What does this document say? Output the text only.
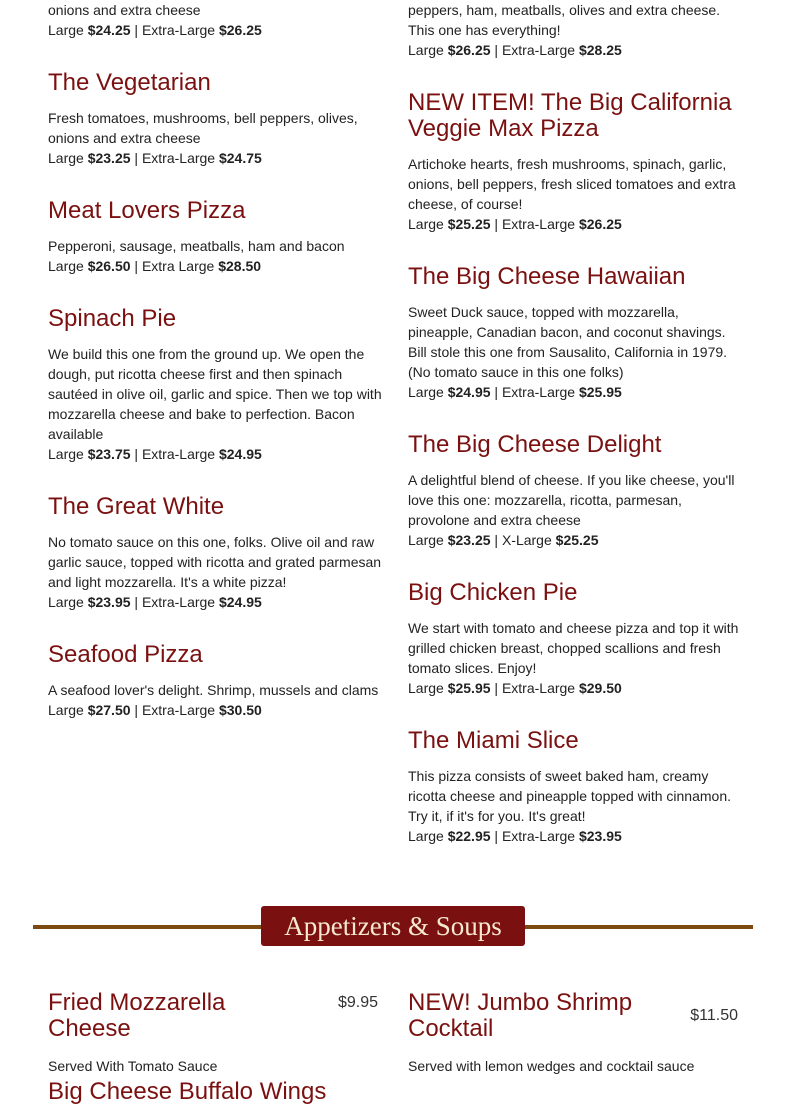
onions and extra cheese

Large $24.25 | Extra-Large $26.25

The Vegetarian

Fresh tomatoes, mushrooms, bell peppers, olives, onions and extra cheese

Large $23.25 | Extra-Large $24.75

Meat Lovers Pizza

Pepperoni, sausage, meatballs, ham and bacon

Large $26.50 | Extra Large $28.50

Spinach Pie

We build this one from the ground up. We open the dough, put ricotta cheese first and then spinach sautéed in olive oil, garlic and spice. Then we top with mozzarella cheese and bake to perfection. Bacon available

Large $23.75 | Extra-Large $24.95

The Great White

No tomato sauce on this one, folks. Olive oil and raw garlic sauce, topped with ricotta and grated parmesan and light mozzarella. It's a white pizza!

Large $23.95 | Extra-Large $24.95

Seafood Pizza

A seafood lover's delight. Shrimp, mussels and clams

Large $27.50 | Extra-Large $30.50

peppers, ham, meatballs, olives and extra cheese. This one has everything!

Large $26.25 | Extra-Large $28.25

NEW ITEM! The Big California Veggie Max Pizza

Artichoke hearts, fresh mushrooms, spinach, garlic, onions, bell peppers, fresh sliced tomatoes and extra cheese, of course!

Large $25.25 | Extra-Large $26.25

The Big Cheese Hawaiian

Sweet Duck sauce, topped with mozzarella, pineapple, Canadian bacon, and coconut shavings. Bill stole this one from Sausalito, California in 1979. (No tomato sauce in this one folks)

Large $24.95 | Extra-Large $25.95

The Big Cheese Delight

A delightful blend of cheese. If you like cheese, you'll love this one: mozzarella, ricotta, parmesan, provolone and extra cheese

Large $23.25 | X-Large $25.25

Big Chicken Pie

We start with tomato and cheese pizza and top it with grilled chicken breast, chopped scallions and fresh tomato slices. Enjoy!

Large $25.95 | Extra-Large $29.50

The Miami Slice

This pizza consists of sweet baked ham, creamy ricotta cheese and pineapple topped with cinnamon. Try it, if it's for you. It's great!

Large $22.95 | Extra-Large $23.95

Appetizers & Soups
$9.95
Fried Mozzarella Cheese

Served With Tomato Sauce

$11.50
NEW! Jumbo Shrimp Cocktail

Served with lemon wedges and cocktail sauce

Big Cheese Buffalo Wings
